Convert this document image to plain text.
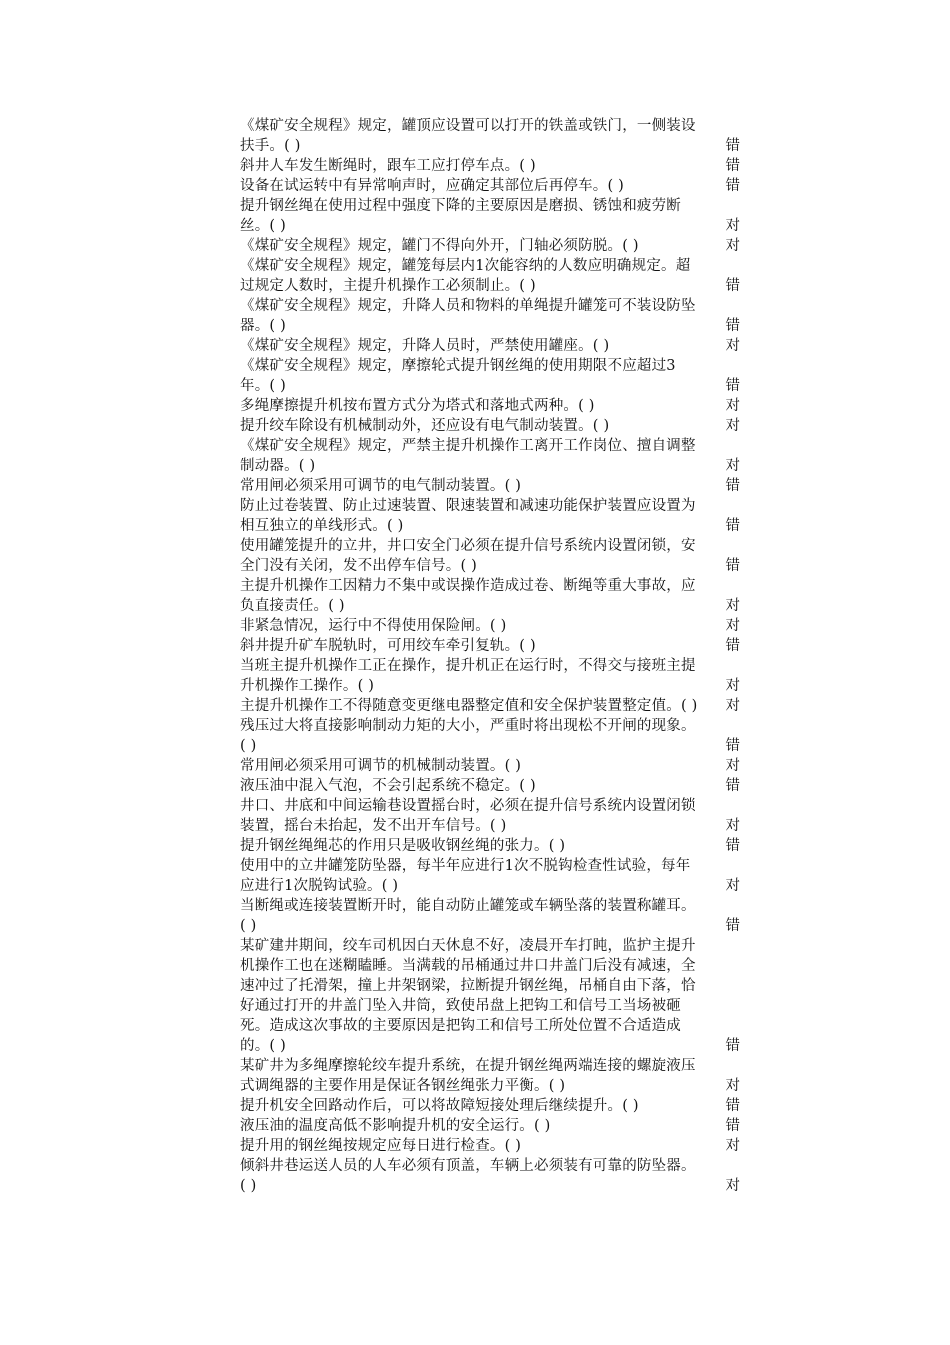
《煤矿安全规程》规定，罐顶应设置可以打开的铁盖或铁门，一侧装设扶手。( )	错
斜井人车发生断绳时，跟车工应打停车点。( )	错
设备在试运转中有异常响声时，应确定其部位后再停车。( )	错
提升钢丝绳在使用过程中强度下降的主要原因是磨损、锈蚀和疲劳断丝。( )	对
《煤矿安全规程》规定，罐门不得向外开，门轴必须防脱。( )	对
《煤矿安全规程》规定，罐笼每层内1次能容纳的人数应明确规定。超过规定人数时，主提升机操作工必须制止。( )	错
《煤矿安全规程》规定，升降人员和物料的单绳提升罐笼可不装设防坠器。( )	错
《煤矿安全规程》规定，升降人员时，严禁使用罐座。( )	对
《煤矿安全规程》规定，摩擦轮式提升钢丝绳的使用期限不应超过3年。( )	错
多绳摩擦提升机按布置方式分为塔式和落地式两种。( )	对
提升绞车除设有机械制动外，还应设有电气制动装置。( )	对
《煤矿安全规程》规定，严禁主提升机操作工离开工作岗位、擅自调整制动器。( )	对
常用闸必须采用可调节的电气制动装置。( )	错
防止过卷装置、防止过速装置、限速装置和减速功能保护装置应设置为相互独立的单线形式。( )	错
使用罐笼提升的立井，井口安全门必须在提升信号系统内设置闭锁，安全门没有关闭，发不出停车信号。( )	错
主提升机操作工因精力不集中或误操作造成过卷、断绳等重大事故，应负直接责任。( )	对
非紧急情况，运行中不得使用保险闸。( )	对
斜井提升矿车脱轨时，可用绞车牵引复轨。( )	错
当班主提升机操作工正在操作，提升机正在运行时，不得交与接班主提升机操作工操作。( )	对
主提升机操作工不得随意变更继电器整定值和安全保护装置整定值。( )	对
残压过大将直接影响制动力矩的大小，严重时将出现松不开闸的现象。( )	错
常用闸必须采用可调节的机械制动装置。( )	对
液压油中混入气泡，不会引起系统不稳定。( )	错
井口、井底和中间运输巷设置摇台时，必须在提升信号系统内设置闭锁装置，摇台未抬起，发不出开车信号。( )	对
提升钢丝绳绳芯的作用只是吸收钢丝绳的张力。( )	错
使用中的立井罐笼防坠器，每半年应进行1次不脱钩检查性试验，每年应进行1次脱钩试验。( )	对
当断绳或连接装置断开时，能自动防止罐笼或车辆坠落的装置称罐耳。( )	错
某矿建井期间，绞车司机因白天休息不好，凌晨开车打盹，监护主提升机操作工也在迷糊瞌睡。当满载的吊桶通过井口井盖门后没有减速，全速冲过了托滑架，撞上井架钢梁，拉断提升钢丝绳，吊桶自由下落，恰好通过打开的井盖门坠入井筒，致使吊盘上把钩工和信号工当场被砸死。造成这次事故的主要原因是把钩工和信号工所处位置不合适造成的。( )	错
某矿井为多绳摩擦轮绞车提升系统，在提升钢丝绳两端连接的螺旋液压式调绳器的主要作用是保证各钢丝绳张力平衡。( )	对
提升机安全回路动作后，可以将故障短接处理后继续提升。( )	错
液压油的温度高低不影响提升机的安全运行。( )	错
提升用的钢丝绳按规定应每日进行检查。( )	对
倾斜井巷运送人员的人车必须有顶盖，车辆上必须装有可靠的防坠器。( )	对
